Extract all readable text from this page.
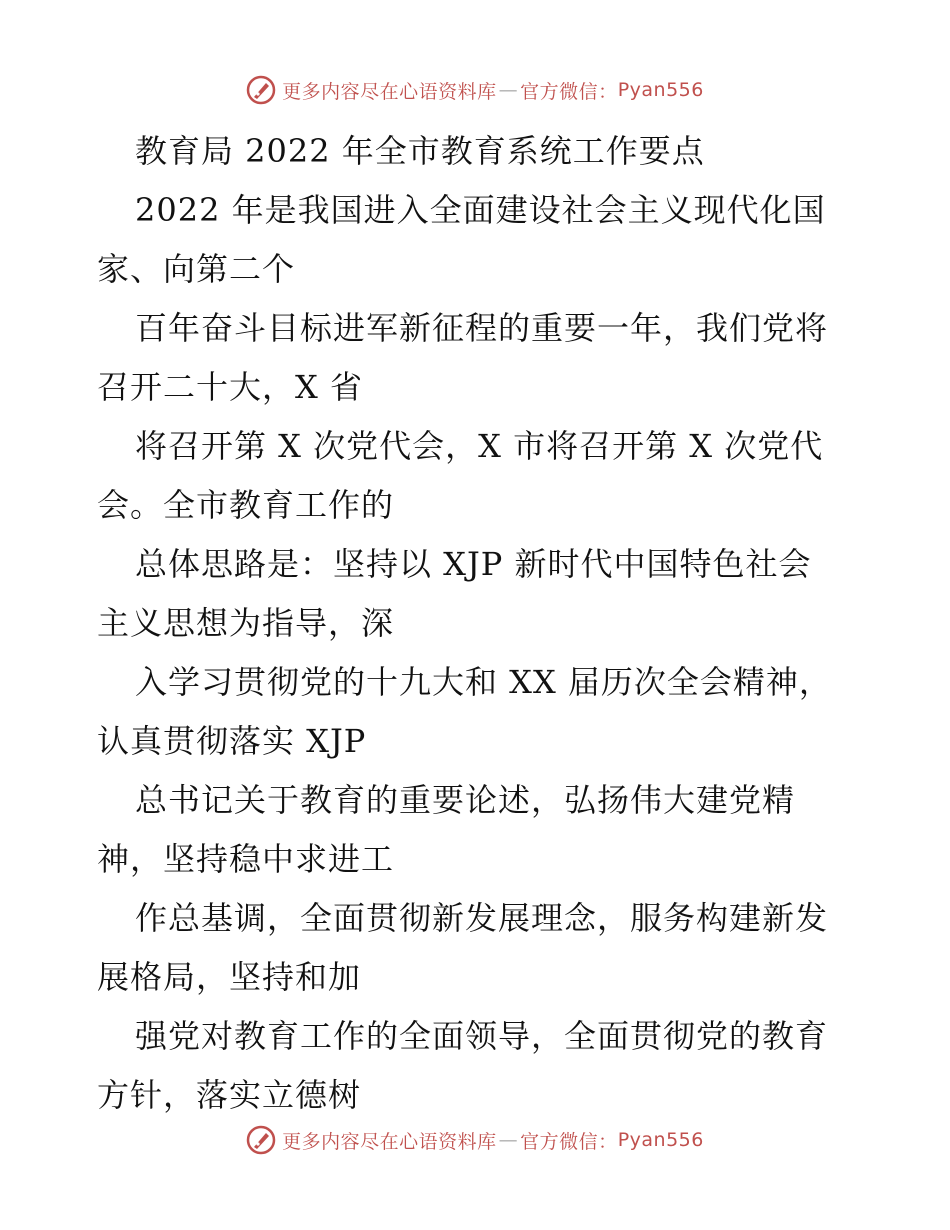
更多内容尽在心语资料库 — 官方微信： Pyan556
教育局 2022 年全市教育系统工作要点
2022 年是我国进入全面建设社会主义现代化国
家、向第二个
百年奋斗目标进军新征程的重要一年，我们党将
召开二十大，X 省
将召开第 X 次党代会，X 市将召开第 X 次党代
会。全市教育工作的
总体思路是：坚持以 XJP 新时代中国特色社会
主义思想为指导，深
入学习贯彻党的十九大和 XX 届历次全会精神，
认真贯彻落实 XJP
总书记关于教育的重要论述，弘扬伟大建党精
神，坚持稳中求进工
作总基调，全面贯彻新发展理念，服务构建新发
展格局，坚持和加
强党对教育工作的全面领导，全面贯彻党的教育
方针，落实立德树
更多内容尽在心语资料库 — 官方微信： Pyan556
